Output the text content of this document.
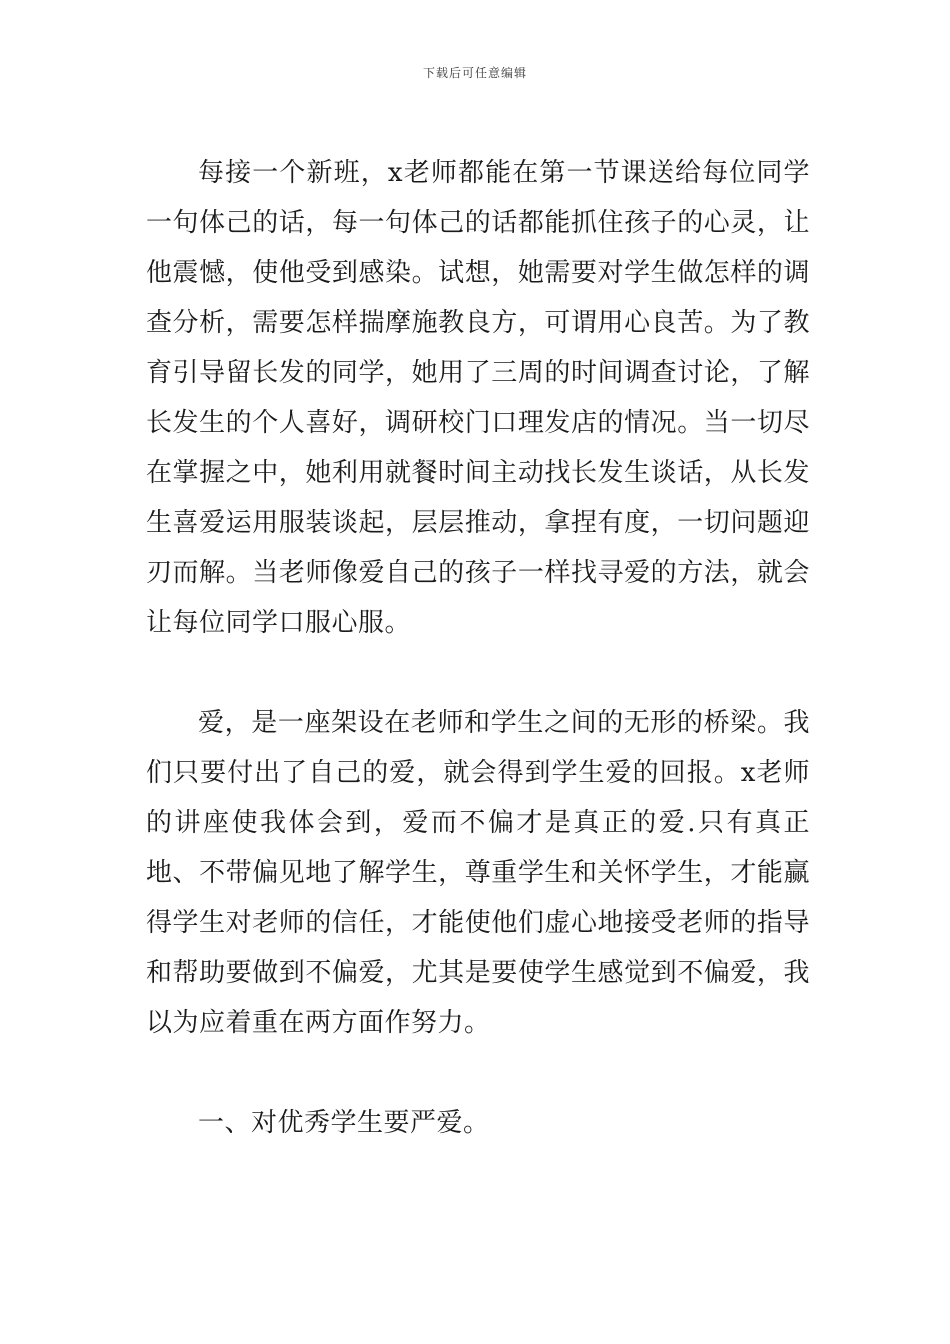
下载后可任意编辑

每接一个新班，x老师都能在第一节课送给每位同学一句体己的话，每一句体己的话都能抓住孩子的心灵，让他震憾，使他受到感染。试想，她需要对学生做怎样的调查分析，需要怎样揣摩施教良方，可谓用心良苦。为了教育引导留长发的同学，她用了三周的时间调查讨论，了解长发生的个人喜好，调研校门口理发店的情况。当一切尽在掌握之中，她利用就餐时间主动找长发生谈话，从长发生喜爱运用服装谈起，层层推动，拿捏有度，一切问题迎刃而解。当老师像爱自己的孩子一样找寻爱的方法，就会让每位同学口服心服。

爱，是一座架设在老师和学生之间的无形的桥梁。我们只要付出了自己的爱，就会得到学生爱的回报。x老师的讲座使我体会到，爱而不偏才是真正的爱.只有真正地、不带偏见地了解学生，尊重学生和关怀学生，才能赢得学生对老师的信任，才能使他们虚心地接受老师的指导和帮助要做到不偏爱，尤其是要使学生感觉到不偏爱，我以为应着重在两方面作努力。

一、对优秀学生要严爱。
